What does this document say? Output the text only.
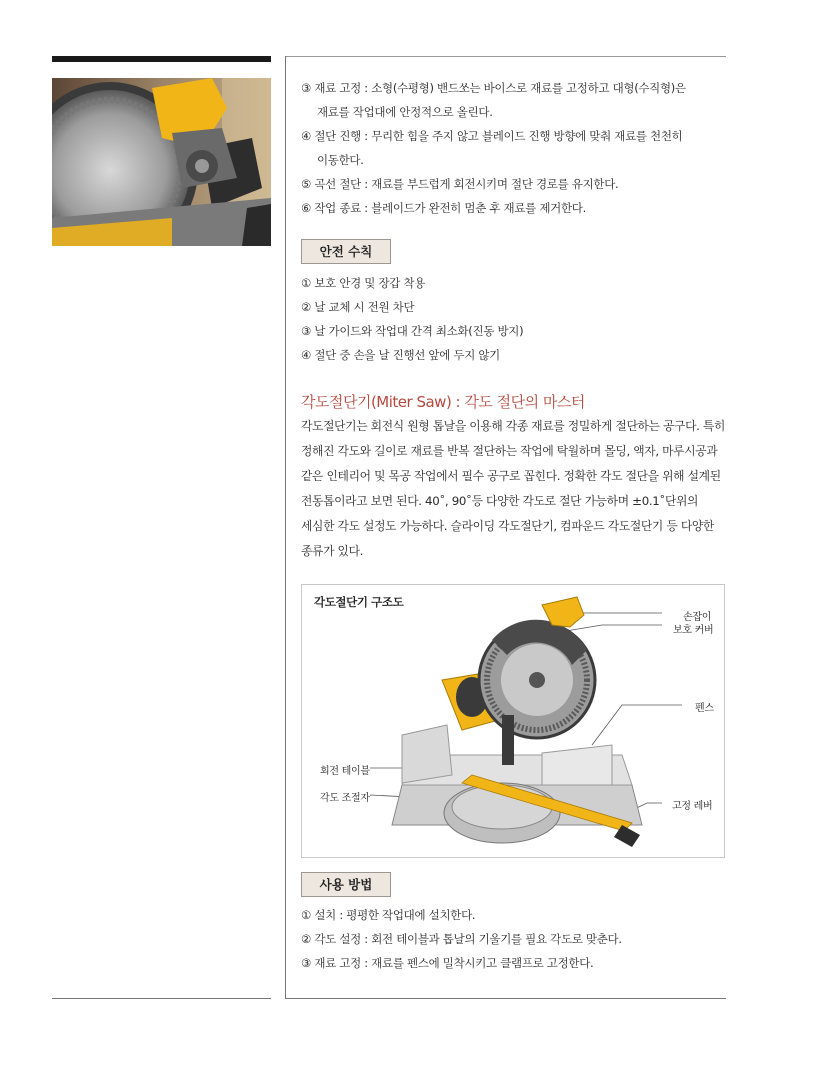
③ 재료 고정 : 소형(수평형) 밴드쏘는 바이스로 재료를 고정하고 대형(수직형)은
재료를 작업대에 안정적으로 올린다.
④ 절단 진행 : 무리한 힘을 주지 않고 블레이드 진행 방향에 맞춰 재료를 천천히
이동한다.
⑤ 곡선 절단 : 재료를 부드럽게 회전시키며 절단 경로를 유지한다.
⑥ 작업 종료 : 블레이드가 완전히 멈춘 후 재료를 제거한다.
안전 수칙
① 보호 안경 및 장갑 착용
② 날 교체 시 전원 차단
③ 날 가이드와 작업대 간격 최소화(진동 방지)
④ 절단 중 손을 날 진행선 앞에 두지 않기
각도절단기(Miter Saw) : 각도 절단의 마스터
각도절단기는 회전식 원형 톱날을 이용해 각종 재료를 정밀하게 절단하는 공구다. 특히
정해진 각도와 길이로 재료를 반복 절단하는 작업에 탁월하며 몰딩, 액자, 마루시공과
같은 인테리어 및 목공 작업에서 필수 공구로 꼽힌다. 정확한 각도 절단을 위해 설계된
전동톱이라고 보면 된다. 40˚, 90˚등 다양한 각도로 절단 가능하며 ±0.1˚단위의
세심한 각도 설정도 가능하다. 슬라이딩 각도절단기, 컴파운드 각도절단기 등 다양한
종류가 있다.
각도절단기 구조도
손잡이
보호 커버
펜스
회전 테이블
각도 조절자
고정 레버
사용 방법
① 설치 : 평평한 작업대에 설치한다.
② 각도 설정 : 회전 테이블과 톱날의 기울기를 필요 각도로 맞춘다.
③ 재료 고정 : 재료를 펜스에 밀착시키고 클램프로 고정한다.
